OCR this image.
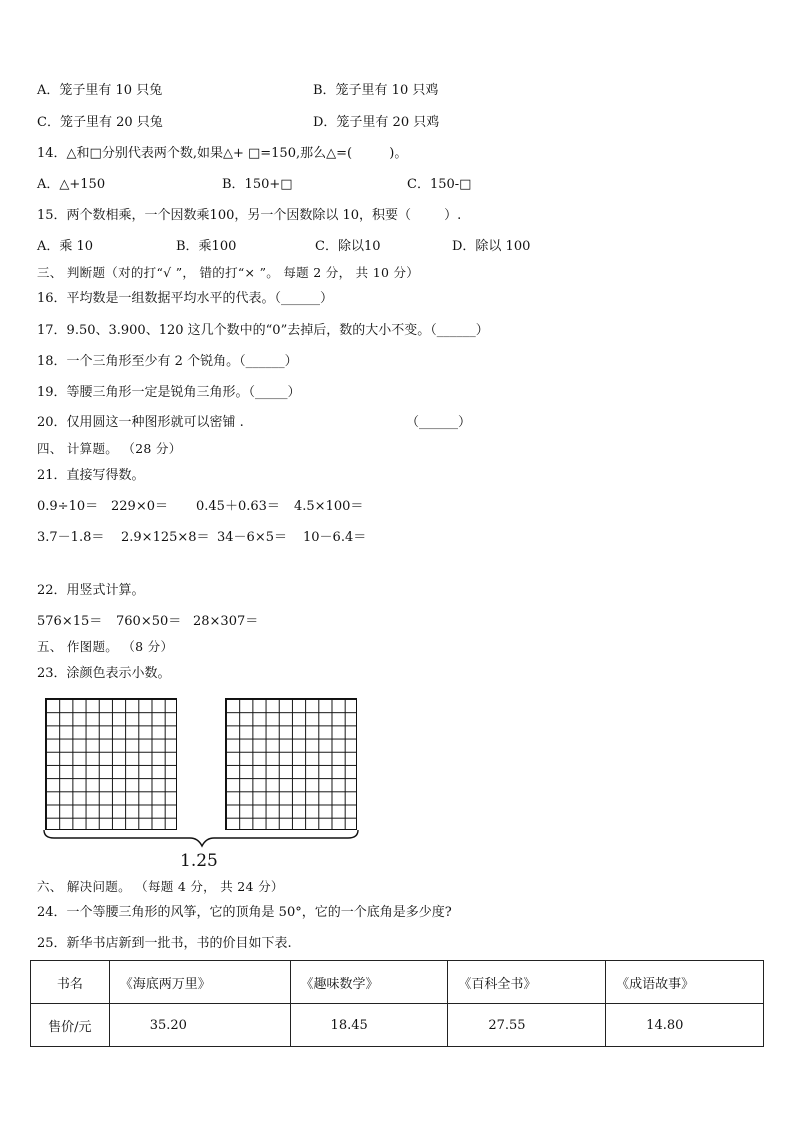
A．笼子里有 10 只兔	B．笼子里有 10 只鸡
C．笼子里有 20 只兔	D．笼子里有 20 只鸡
14．△和□分别代表两个数,如果△+ □=150,那么△=(         )。
A．△+150	B．150+□	C．150-□
15．两个数相乘，一个因数乘100，另一个因数除以 10，积要（        ）.
A．乘 10	B．乘100	C．除以10	D．除以 100
三、 判断题（对的打“√ ”， 错的打“× ”。 每题 2 分， 共 10 分）
16．平均数是一组数据平均水平的代表。（______）
17．9.50、3.900、120 这几个数中的“0”去掉后，数的大小不变。（______）
18．一个三角形至少有 2 个锐角。（______）
19．等腰三角形一定是锐角三角形。（_____）
20．仅用圆这一种图形就可以密铺 .	（______）
四、 计算题。 （28 分）
21．直接写得数。
0.9÷10＝ 229×0＝ 0.45＋0.63＝ 4.5×100＝
3.7－1.8＝ 2.9×125×8＝ 34－6×5＝ 10－6.4＝
22．用竖式计算。
576×15＝ 760×50＝ 28×307＝
五、 作图题。 （8 分）
23．涂颜色表示小数。
1.25
六、 解决问题。 （每题 4 分， 共 24 分）
24．一个等腰三角形的风筝，它的顶角是 50°，它的一个底角是多少度?
25．新华书店新到一批书，书的价目如下表.
书名	《海底两万里》	《趣味数学》	《百科全书》	《成语故事》
售价/元	35.20	18.45	27.55	14.80
